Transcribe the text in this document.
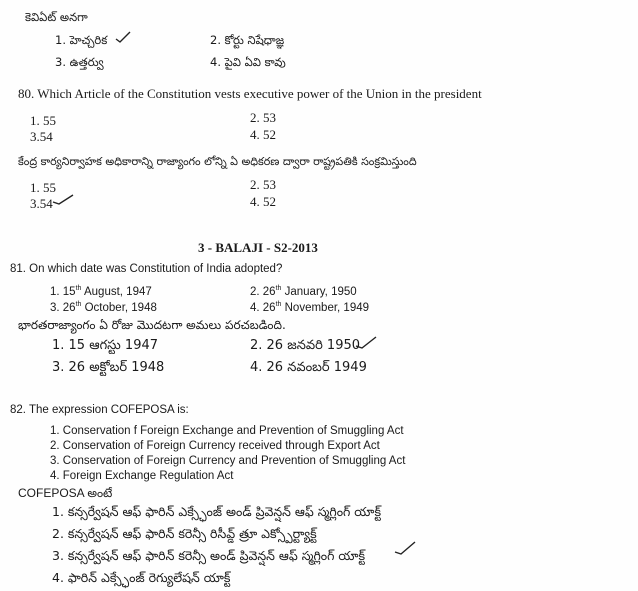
కెవిఏట్ అనగా
1. హెచ్చరిక	2. కోర్టు నిషేధాజ్ఞ
3. ఉత్తర్వు	4. పైవి ఏవి కావు
80. Which Article of the Constitution vests executive power of the Union in the president
1. 55	2. 53
3.54	4. 52
కేంద్ర కార్యనిర్వాహక అధికారాన్ని రాజ్యాంగం లోన్ని ఏ అధికరణ ద్వారా రాష్ట్రపతికి సంక్రమిస్తుంది
1. 55	2. 53
3.54	4. 52
3 - BALAJI - S2-2013
81. On which date was Constitution of India adopted?
1. 15th August, 1947	2. 26th January, 1950
3. 26th October, 1948	4. 26th November, 1949
భారతరాజ్యాంగం ఏ రోజు మొదటగా అమలు పరచబడింది.
1. 15 ఆగస్టు 1947	2. 26 జనవరి 1950
3. 26 అక్టోబర్ 1948	4. 26 నవంబర్ 1949
82. The expression COFEPOSA is:
1. Conservation f Foreign Exchange and Prevention of Smuggling Act
2. Conservation of Foreign Currency received through Export Act
3. Conservation of Foreign Currency and Prevention of Smuggling Act
4. Foreign Exchange Regulation Act
COFEPOSA అంటే
1. కన్సర్వేషన్ ఆఫ్ ఫారిన్ ఎక్స్ఛేంజ్ అండ్ ప్రివెన్షన్ ఆఫ్ స్మగ్లింగ్ యాక్ట్
2. కన్సర్వేషన్ ఆఫ్ ఫారిన్ కరెన్సీ రిసీవ్డ్ త్రూ ఎక్స్పోర్ట్యాక్ట్
3. కన్సర్వేషన్ ఆఫ్ ఫారిన్ కరెన్సీ అండ్ ప్రివెన్షన్ ఆఫ్ స్మగ్లింగ్ యాక్ట్
4. ఫారిన్ ఎక్స్ఛేంజ్ రెగ్యులేషన్ యాక్ట్
